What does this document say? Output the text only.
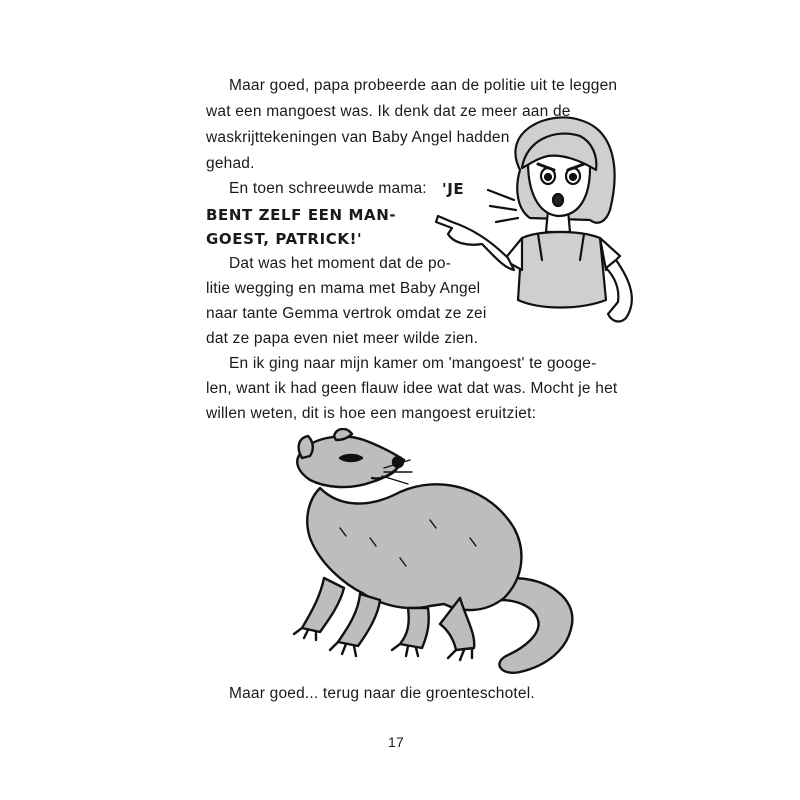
Maar goed, papa probeerde aan de politie uit te leggen
wat een mangoest was. Ik denk dat ze meer aan de
waskrijttekeningen van Baby Angel hadden
gehad.
En toen schreeuwde mama: 'JE
BENT ZELF EEN MAN-
GOEST, PATRICK!'
Dat was het moment dat de po-
litie wegging en mama met Baby Angel
naar tante Gemma vertrok omdat ze zei
dat ze papa even niet meer wilde zien.
En ik ging naar mijn kamer om 'mangoest' te googe-
len, want ik had geen flauw idee wat dat was. Mocht je het
willen weten, dit is hoe een mangoest eruitziet:
Maar goed... terug naar die groenteschotel.
17
